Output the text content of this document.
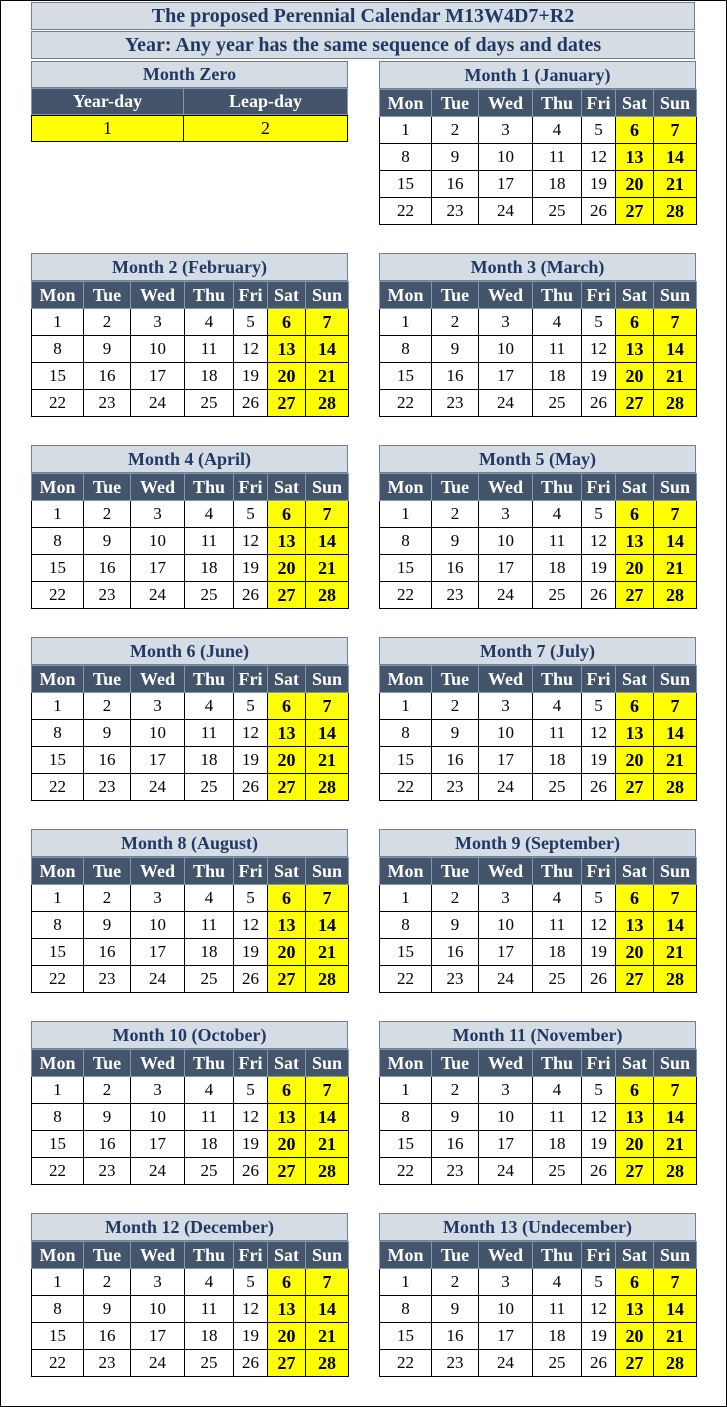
The proposed Perennial Calendar M13W4D7+R2
Year: Any year has the same sequence of days and dates
Month Zero
Year-day	Leap-day
1	2
Month 1 (January)
Mon	Tue	Wed	Thu	Fri	Sat	Sun
1	2	3	4	5	6	7
8	9	10	11	12	13	14
15	16	17	18	19	20	21
22	23	24	25	26	27	28
Month 2 (February)
Mon	Tue	Wed	Thu	Fri	Sat	Sun
1	2	3	4	5	6	7
8	9	10	11	12	13	14
15	16	17	18	19	20	21
22	23	24	25	26	27	28
Month 3 (March)
Mon	Tue	Wed	Thu	Fri	Sat	Sun
1	2	3	4	5	6	7
8	9	10	11	12	13	14
15	16	17	18	19	20	21
22	23	24	25	26	27	28
Month 4 (April)
Mon	Tue	Wed	Thu	Fri	Sat	Sun
1	2	3	4	5	6	7
8	9	10	11	12	13	14
15	16	17	18	19	20	21
22	23	24	25	26	27	28
Month 5 (May)
Mon	Tue	Wed	Thu	Fri	Sat	Sun
1	2	3	4	5	6	7
8	9	10	11	12	13	14
15	16	17	18	19	20	21
22	23	24	25	26	27	28
Month 6 (June)
Mon	Tue	Wed	Thu	Fri	Sat	Sun
1	2	3	4	5	6	7
8	9	10	11	12	13	14
15	16	17	18	19	20	21
22	23	24	25	26	27	28
Month 7 (July)
Mon	Tue	Wed	Thu	Fri	Sat	Sun
1	2	3	4	5	6	7
8	9	10	11	12	13	14
15	16	17	18	19	20	21
22	23	24	25	26	27	28
Month 8 (August)
Mon	Tue	Wed	Thu	Fri	Sat	Sun
1	2	3	4	5	6	7
8	9	10	11	12	13	14
15	16	17	18	19	20	21
22	23	24	25	26	27	28
Month 9 (September)
Mon	Tue	Wed	Thu	Fri	Sat	Sun
1	2	3	4	5	6	7
8	9	10	11	12	13	14
15	16	17	18	19	20	21
22	23	24	25	26	27	28
Month 10 (October)
Mon	Tue	Wed	Thu	Fri	Sat	Sun
1	2	3	4	5	6	7
8	9	10	11	12	13	14
15	16	17	18	19	20	21
22	23	24	25	26	27	28
Month 11 (November)
Mon	Tue	Wed	Thu	Fri	Sat	Sun
1	2	3	4	5	6	7
8	9	10	11	12	13	14
15	16	17	18	19	20	21
22	23	24	25	26	27	28
Month 12 (December)
Mon	Tue	Wed	Thu	Fri	Sat	Sun
1	2	3	4	5	6	7
8	9	10	11	12	13	14
15	16	17	18	19	20	21
22	23	24	25	26	27	28
Month 13 (Undecember)
Mon	Tue	Wed	Thu	Fri	Sat	Sun
1	2	3	4	5	6	7
8	9	10	11	12	13	14
15	16	17	18	19	20	21
22	23	24	25	26	27	28
